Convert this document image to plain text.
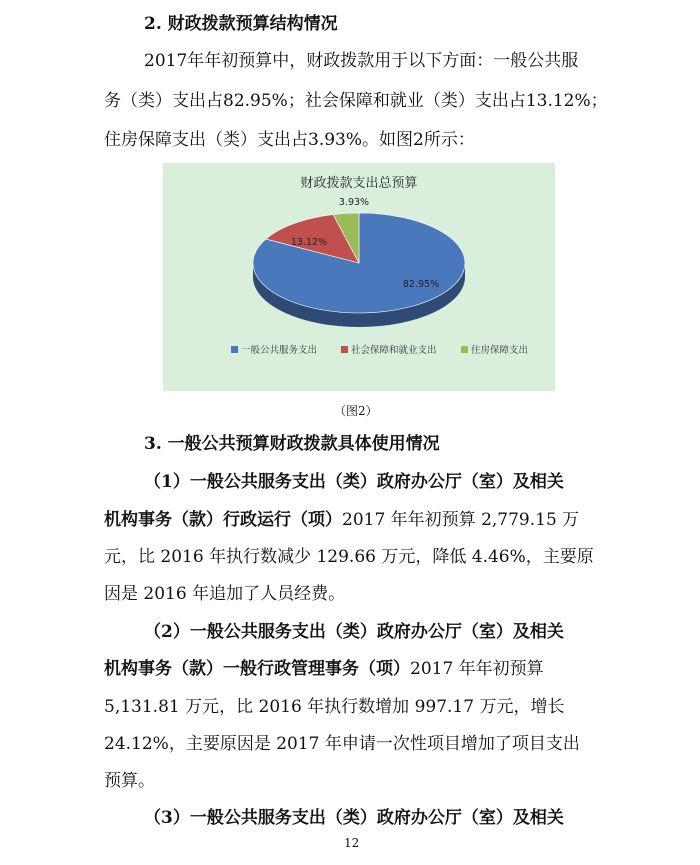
2. 财政拨款预算结构情况
2017年年初预算中，财政拨款用于以下方面：一般公共服
务（类）支出占82.95%；社会保障和就业（类）支出占13.12%；
住房保障支出（类）支出占3.93%。如图2所示：
财政拨款支出总预算
82.95%
13.12%
3.93%
一般公共服务支出	社会保障和就业支出	住房保障支出
（图2）
3. 一般公共预算财政拨款具体使用情况
（1）一般公共服务支出（类）政府办公厅（室）及相关
机构事务（款）行政运行（项）2017 年年初预算 2,779.15 万
元，比 2016 年执行数减少 129.66 万元，降低 4.46%，主要原
因是 2016 年追加了人员经费。
（2）一般公共服务支出（类）政府办公厅（室）及相关
机构事务（款）一般行政管理事务（项）2017 年年初预算
5,131.81 万元，比 2016 年执行数增加 997.17 万元，增长
24.12%，主要原因是 2017 年申请一次性项目增加了项目支出
预算。
（3）一般公共服务支出（类）政府办公厅（室）及相关
12
